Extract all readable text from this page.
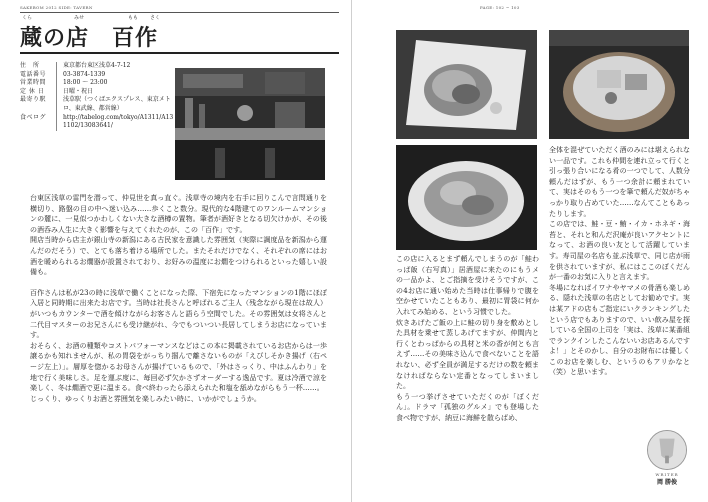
SAKEBOM 2012 SIDE: TAVERN
くら	みせ	もも さく
蔵の店　百作
住　所	東京都台東区浅草4-7-12
電話番号	03-3874-1339
営業時間	18:00 ～ 23:00
定 休 日	日曜・祝日
最寄り駅	浅草駅（つくばエクスプレス、東京メトロ、東武線、都営線）
食べログ	http://tabelog.com/tokyo/A1311/A131102/13083641/

台東区浅草の雷門を潜って、仲見世を真っ直ぐ。浅草寺の境内を右手に回りこんで言問通りを横切り、路盤の目の中へ迷い込み……歩くこと数分。現代的な4階建てのワンルームマンションの麓に、一見似つかわしくない大きな酒樽の置物。筆者が酒好きとなる切欠けかが、その後の酒呑み人生に大きく影響を与えてくれたのが、この「百作」です。

開店当時から店主が銀山寺の新潟にある古民家を意識した雰囲気（実際に調度品を新潟から運んだのだそう）で、とても落ち着ける場所でした。またそれだけでなく、それぞれの席にはお酒を暖められるお燗器が設置されており、お好みの温度にお燗をつけられるといった嬉しい設備も。

百作さんは私が23の時に浅草で働くことになった際、下宿先になったマンションの1階にほぼ入居と同時期に出来たお店です。当時は社長さんと呼ばれるご主人（残念ながら現在は故人）がいつもカウンターで酒を傾けながらお客さんと語らう空間でした。その雰囲気は女将さんと二代目マスターのお兄さんにも受け継がれ、今でもついつい長居してしまうお店になっています。

おそらく、お酒の種類やコストパフォーマンスなどはこの本に掲載されているお店からは一歩譲るかも知れませんが、私の胃袋をがっちり掴んで離さないものが「えびしそかき揚げ（右ページ左上）」。層厚を惚かるお母さんが揚げているもので、「外はさっくり、中はふんわり」を地で行く美味しさ。足を運ぶ度に、毎回必ず欠かさずオーダーする逸品です。夏は冷酒で涼を楽しく、冬は燗酒で更に温まる。食べ終わったら添えられた和塩を舐めながらもう一杯……。

じっくり、ゆっくりお酒と雰囲気を楽しみたい時に、いかがでしょうか。

PAGE: 102 ~ 103

この店に入るとまず頼んでしまうのが「鮭わっぱ飯（右写真）」居酒屋に来たのにもうメの一品かよ、とご指摘を受けそうですが、この4お店に通い始めた当時は仕事帰りで腹を空かせていたこともあり、最初に胃袋に何か入れてみ始める、という习惯でした。

炊きあげたご飯の上に鮭の切り身を敷めとした具材を乗せて蒸しあげてますが、仲間内と行くとわっぱからの具材と米の香が何とも言えず……その美味さ込んで食べないことを語れない、必ず全員が満足するだけの数を頼まなければならない定番となってしまいました。

もう一つ挙げさせていただくのが「ぼくだん」。ドラマ「孤独のグルメ」でも登場した食べ物ですが、納豆に海鮮を散らばめ、

全体を混ぜていただく酒のみには堪えられない一品です。これも仲間を連れ立って行くと引っ張り合いになる肴の一つでして、人数分頼んだはずが、もう一つ余計に頼まれていて、実はそのもう一つを筆で頼んだ奴がちゃっかり取り占めていた……なんてこともあったりします。

この店では、鮭・豆・鮪・イカ・ホネギ・海苔と、それと和んだ沢庵が良いアクセントになって、お酒の良い友として活躍しています。寿司屋の名店も並ぶ浅草で、同じ店が雨を供されていますが、私にはここのぼくだんが一番のお気に入りと言えます。

冬場になればイワナやヤマメの骨酒も楽しめる、隠れた浅草の名店としてお勧めです。実は某アドの店もご指定にいクランキングしたという店でもありますので、いい飲み屋を探している全国の上司を「実は、浅草に某番組でランクインしたこんないいお店あるんですよ！」とそのかし、自分のお財布には優しくこのお店を楽しむ、というのもアリかなと（笑）と思います。

WRITER
岡 勝俊
